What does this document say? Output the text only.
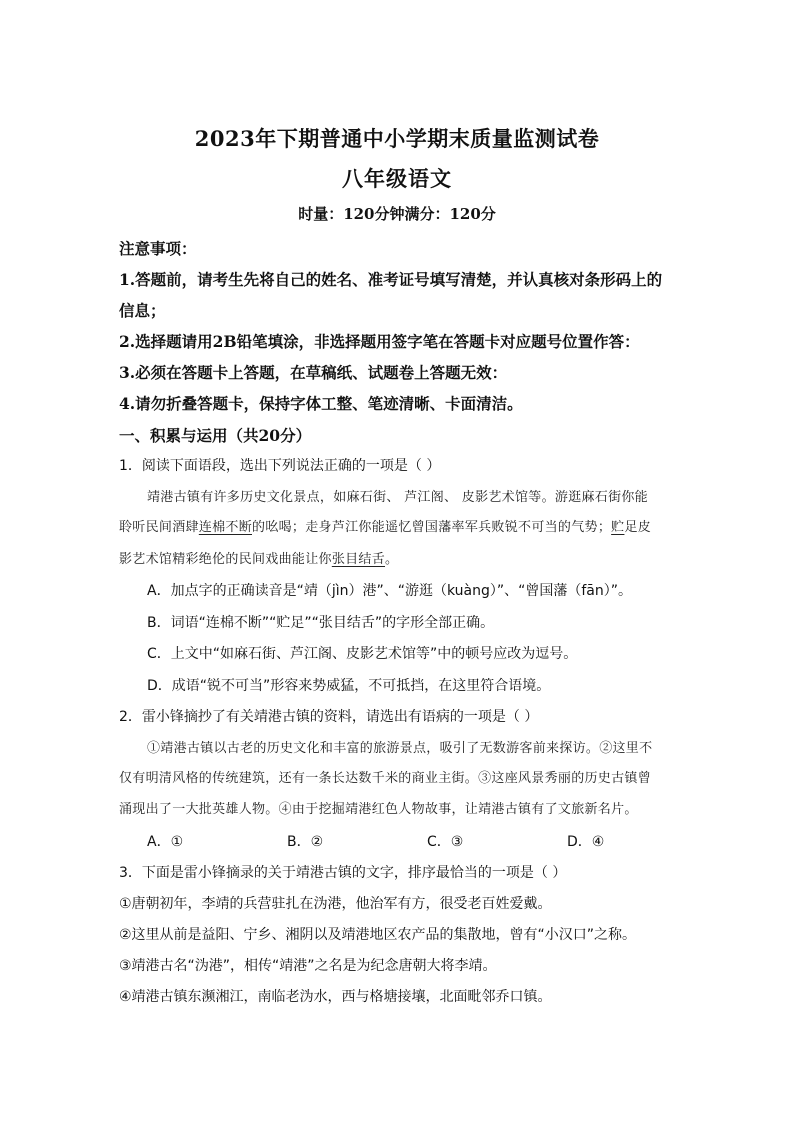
2023年下期普通中小学期末质量监测试卷
八年级语文
时量：120分钟满分：120分
注意事项：
1.答题前，请考生先将自己的姓名、准考证号填写清楚，并认真核对条形码上的
信息；
2.选择题请用2B铅笔填涂，非选择题用签字笔在答题卡对应题号位置作答：
3.必须在答题卡上答题，在草稿纸、试题卷上答题无效：
4.请勿折叠答题卡，保持字体工整、笔迹清晰、卡面清洁。
一、积累与运用（共20分）
1．阅读下面语段，选出下列说法正确的一项是（ ）
靖港古镇有许多历史文化景点，如麻石街、 芦江阁、 皮影艺术馆等。游逛麻石街你能
聆听民间酒肆连棉不断的吆喝；走身芦江你能遥忆曾国藩率军兵败锐不可当的气势；贮足皮
影艺术馆精彩绝伦的民间戏曲能让你张目结舌。
A．加点字的正确读音是“靖（jìn）港”、“游逛（kuàng）”、“曾国藩（fān）”。
B．词语“连棉不断”“贮足”“张目结舌”的字形全部正确。
C．上文中“如麻石街、芦江阁、皮影艺术馆等”中的顿号应改为逗号。
D．成语“锐不可当”形容来势威猛，不可抵挡，在这里符合语境。
2．雷小锋摘抄了有关靖港古镇的资料，请选出有语病的一项是（ ）
①靖港古镇以古老的历史文化和丰富的旅游景点，吸引了无数游客前来探访。②这里不
仅有明清风格的传统建筑，还有一条长达数千米的商业主街。③这座风景秀丽的历史古镇曾
涌现出了一大批英雄人物。④由于挖掘靖港红色人物故事，让靖港古镇有了文旅新名片。
A．①	B．②	C．③	D．④
3．下面是雷小锋摘录的关于靖港古镇的文字，排序最恰当的一项是（ ）
①唐朝初年，李靖的兵营驻扎在沩港，他治军有方，很受老百姓爱戴。
②这里从前是益阳、宁乡、湘阴以及靖港地区农产品的集散地，曾有“小汉口”之称。
③靖港古名“沩港”，相传“靖港”之名是为纪念唐朝大将李靖。
④靖港古镇东濒湘江，南临老沩水，西与格塘接壤，北面毗邻乔口镇。
